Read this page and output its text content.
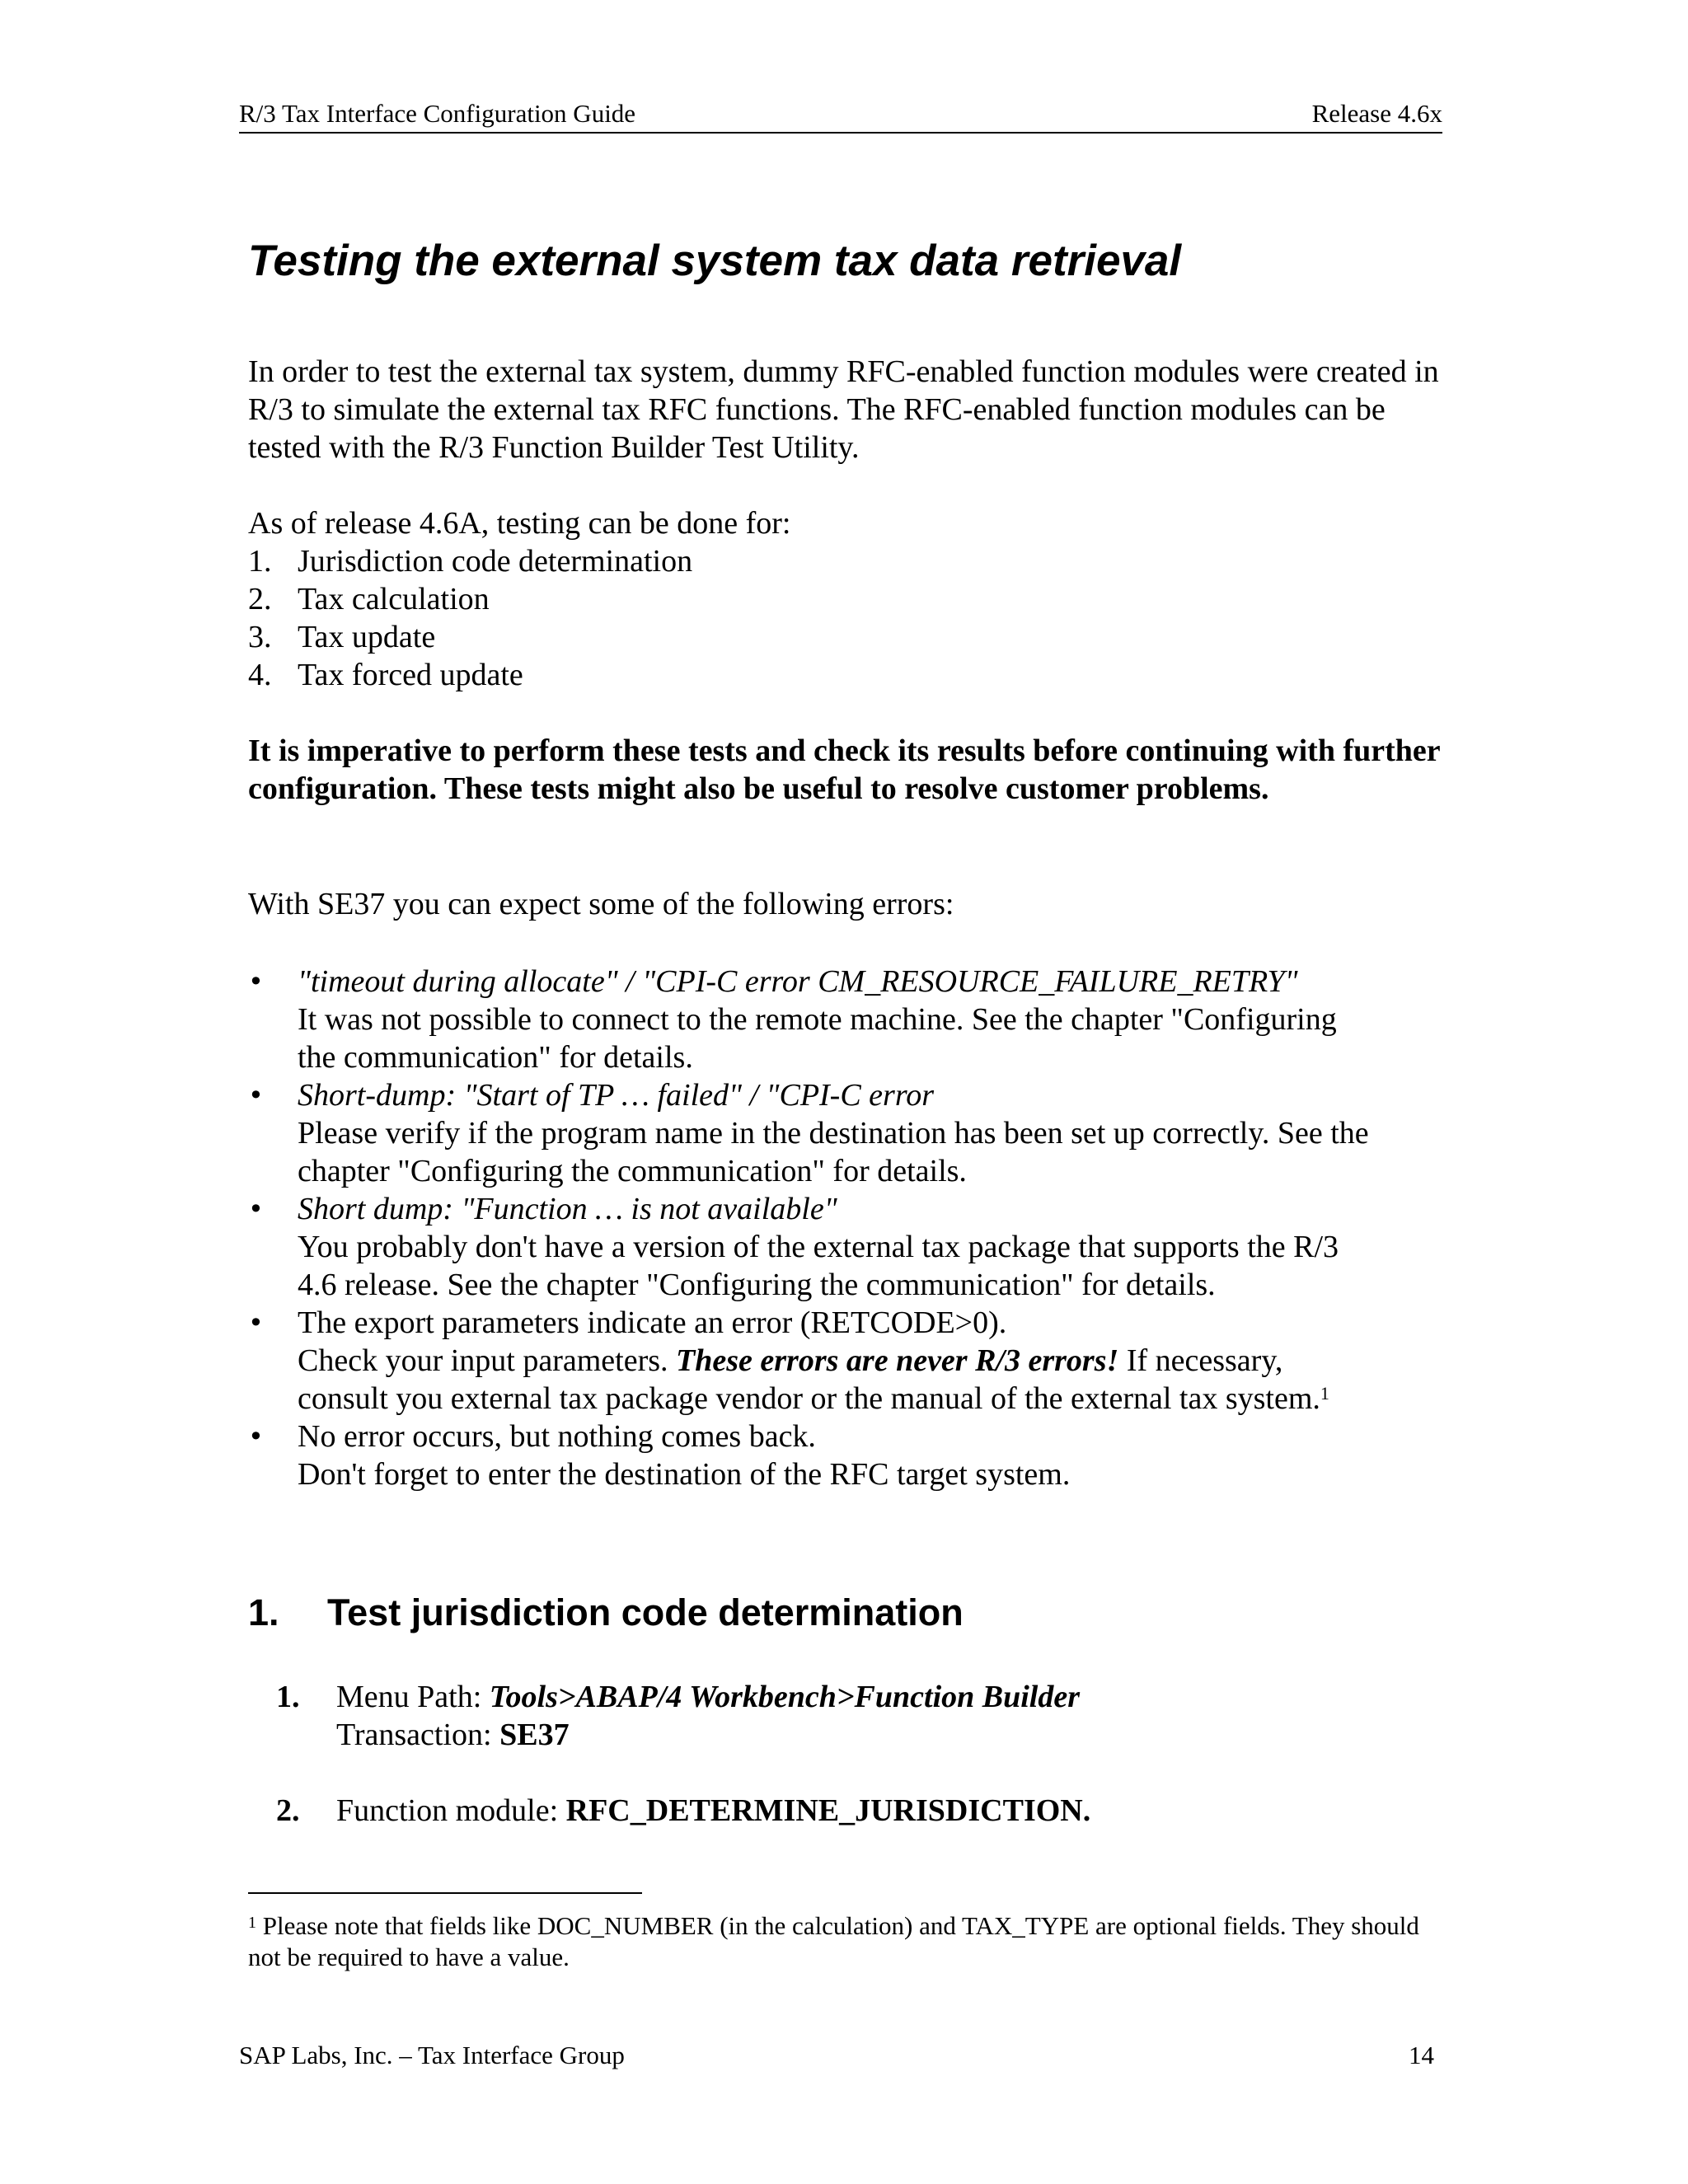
R/3 Tax Interface Configuration Guide	Release 4.6x
Testing the external system tax data retrieval
In order to test the external tax system, dummy RFC-enabled function modules were created in R/3 to simulate the external tax RFC functions. The RFC-enabled function modules can be tested with the R/3 Function Builder Test Utility.
As of release 4.6A, testing can be done for:
1. Jurisdiction code determination
2. Tax calculation
3. Tax update
4. Tax forced update
It is imperative to perform these tests and check its results before continuing with further configuration. These tests might also be useful to resolve customer problems.
With SE37 you can expect some of the following errors:
• "timeout during allocate" / "CPI-C error CM_RESOURCE_FAILURE_RETRY"
It was not possible to connect to the remote machine. See the chapter "Configuring
the communication" for details.
• Short-dump: "Start of TP … failed" / "CPI-C error
Please verify if the program name in the destination has been set up correctly. See the
chapter "Configuring the communication" for details.
• Short dump: "Function … is not available"
You probably don't have a version of the external tax package that supports the R/3
4.6 release. See the chapter "Configuring the communication" for details.
• The export parameters indicate an error (RETCODE>0).
Check your input parameters. These errors are never R/3 errors! If necessary,
consult you external tax package vendor or the manual of the external tax system.$^1$
• No error occurs, but nothing comes back.
Don't forget to enter the destination of the RFC target system.
1. Test jurisdiction code determination
1. Menu Path: Tools>ABAP/4 Workbench>Function Builder
Transaction: SE37
2. Function module: RFC_DETERMINE_JURISDICTION.
$^1$ Please note that fields like DOC_NUMBER (in the calculation) and TAX_TYPE are optional fields. They should not be required to have a value.
SAP Labs, Inc. – Tax Interface Group	14
